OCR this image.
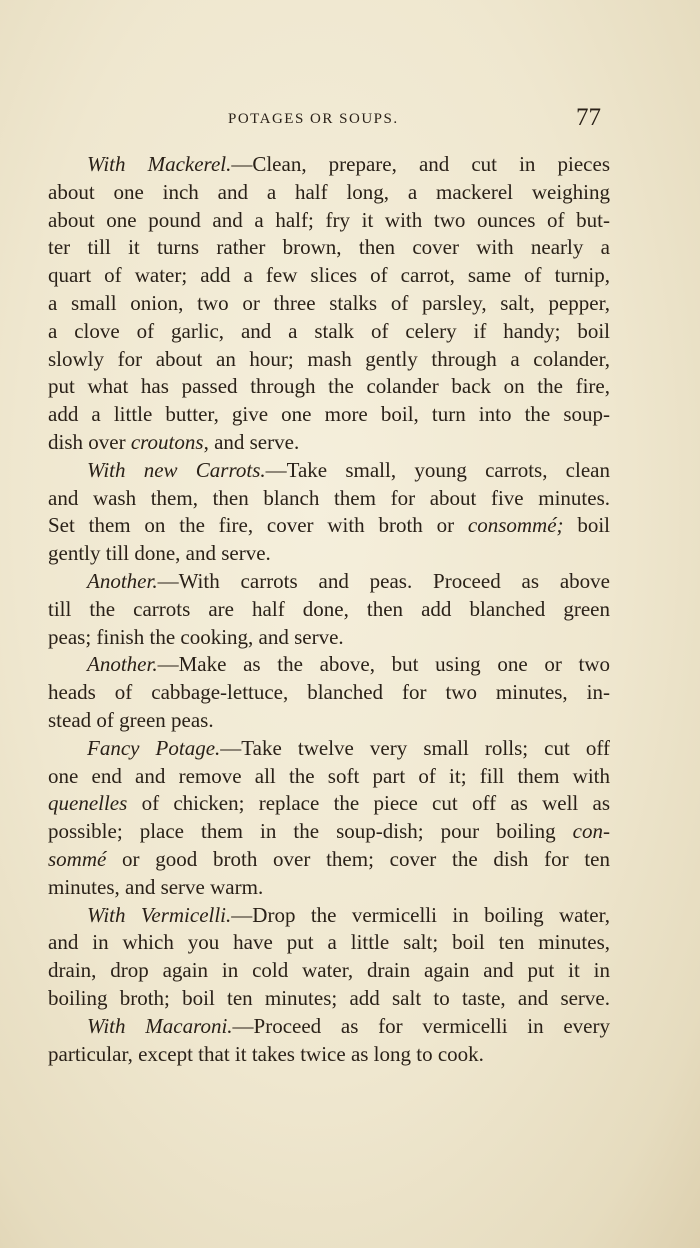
POTAGES OR SOUPS.	77
With Mackerel.—Clean, prepare, and cut in pieces
about one inch and a half long, a mackerel weighing
about one pound and a half; fry it with two ounces of but-
ter till it turns rather brown, then cover with nearly a
quart of water; add a few slices of carrot, same of turnip,
a small onion, two or three stalks of parsley, salt, pepper,
a clove of garlic, and a stalk of celery if handy; boil
slowly for about an hour; mash gently through a colander,
put what has passed through the colander back on the fire,
add a little butter, give one more boil, turn into the soup-
dish over croutons, and serve.
With new Carrots.—Take small, young carrots, clean
and wash them, then blanch them for about five minutes.
Set them on the fire, cover with broth or consommé; boil
gently till done, and serve.
Another.—With carrots and peas. Proceed as above
till the carrots are half done, then add blanched green
peas; finish the cooking, and serve.
Another.—Make as the above, but using one or two
heads of cabbage-lettuce, blanched for two minutes, in-
stead of green peas.
Fancy Potage.—Take twelve very small rolls; cut off
one end and remove all the soft part of it; fill them with
quenelles of chicken; replace the piece cut off as well as
possible; place them in the soup-dish; pour boiling con-
sommé or good broth over them; cover the dish for ten
minutes, and serve warm.
With Vermicelli.—Drop the vermicelli in boiling water,
and in which you have put a little salt; boil ten minutes,
drain, drop again in cold water, drain again and put it in
boiling broth; boil ten minutes; add salt to taste, and serve.
With Macaroni.—Proceed as for vermicelli in every
particular, except that it takes twice as long to cook.
